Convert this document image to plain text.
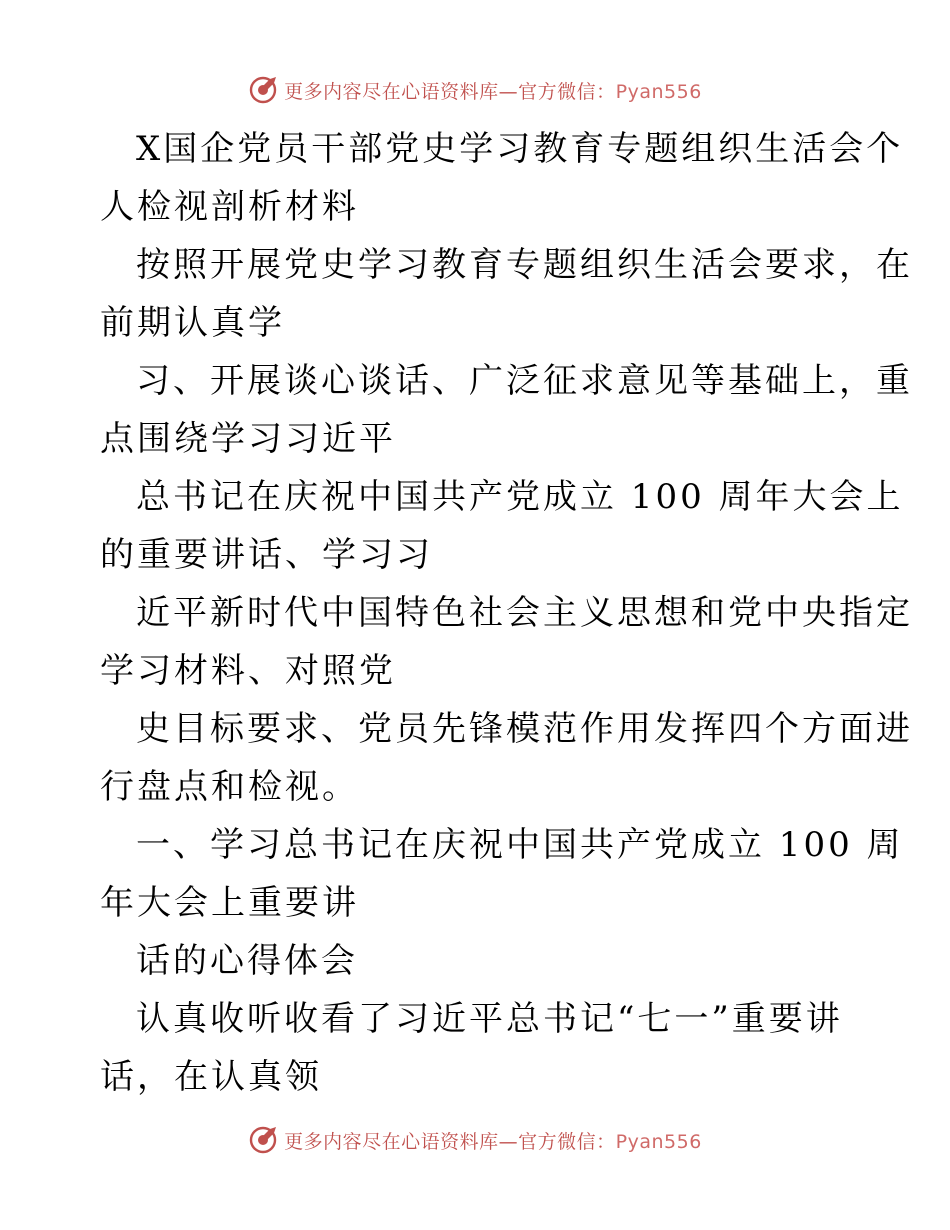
更多内容尽在心语资料库—官方微信：Pyan556

X国企党员干部党史学习教育专题组织生活会个

人检视剖析材料

按照开展党史学习教育专题组织生活会要求，在

前期认真学

习、开展谈心谈话、广泛征求意见等基础上，重

点围绕学习习近平

总书记在庆祝中国共产党成立 100 周年大会上

的重要讲话、学习习

近平新时代中国特色社会主义思想和党中央指定

学习材料、对照党

史目标要求、党员先锋模范作用发挥四个方面进

行盘点和检视。

一、学习总书记在庆祝中国共产党成立 100 周

年大会上重要讲

话的心得体会

认真收听收看了习近平总书记“七一”重要讲

话，在认真领

更多内容尽在心语资料库—官方微信：Pyan556
